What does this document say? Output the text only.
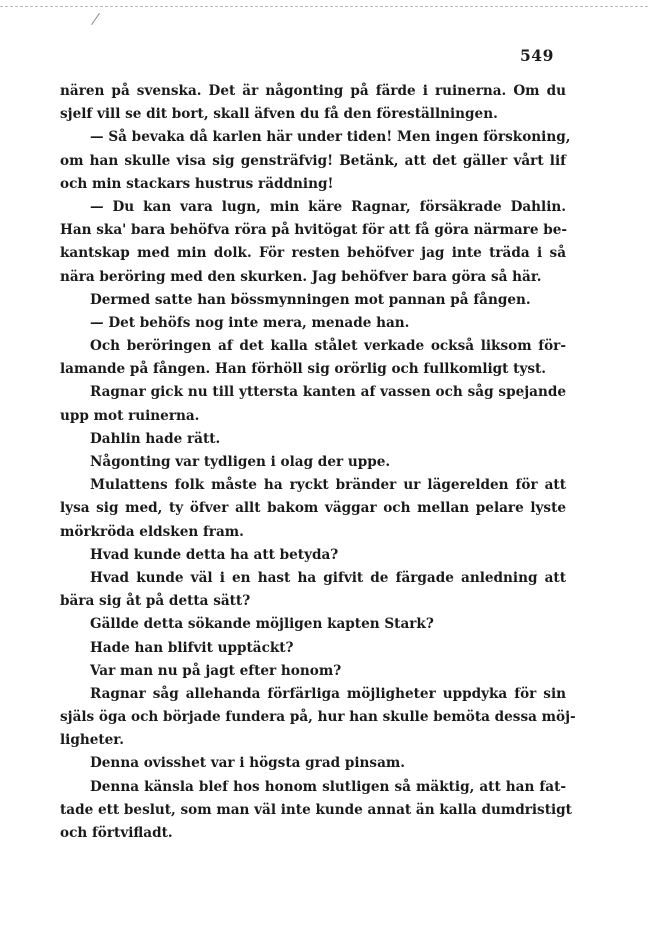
549
nären på svenska. Det är någonting på färde i ruinerna. Om du
sjelf vill se dit bort, skall äfven du få den föreställningen.
— Så bevaka då karlen här under tiden! Men ingen förskoning,
om han skulle visa sig gensträfvig! Betänk, att det gäller vårt lif
och min stackars hustrus räddning!
— Du kan vara lugn, min käre Ragnar, försäkrade Dahlin.
Han ska' bara behöfva röra på hvitögat för att få göra närmare be-
kantskap med min dolk. För resten behöfver jag inte träda i så
nära beröring med den skurken. Jag behöfver bara göra så här.
Dermed satte han bössmynningen mot pannan på fången.
— Det behöfs nog inte mera, menade han.
Och beröringen af det kalla stålet verkade också liksom för-
lamande på fången. Han förhöll sig orörlig och fullkomligt tyst.
Ragnar gick nu till yttersta kanten af vassen och såg spejande
upp mot ruinerna.
Dahlin hade rätt.
Någonting var tydligen i olag der uppe.
Mulattens folk måste ha ryckt bränder ur lägerelden för att
lysa sig med, ty öfver allt bakom väggar och mellan pelare lyste
mörkröda eldsken fram.
Hvad kunde detta ha att betyda?
Hvad kunde väl i en hast ha gifvit de färgade anledning att
bära sig åt på detta sätt?
Gällde detta sökande möjligen kapten Stark?
Hade han blifvit upptäckt?
Var man nu på jagt efter honom?
Ragnar såg allehanda förfärliga möjligheter uppdyka för sin
själs öga och började fundera på, hur han skulle bemöta dessa möj-
ligheter.
Denna ovisshet var i högsta grad pinsam.
Denna känsla blef hos honom slutligen så mäktig, att han fat-
tade ett beslut, som man väl inte kunde annat än kalla dumdristigt
och förtvifladt.
